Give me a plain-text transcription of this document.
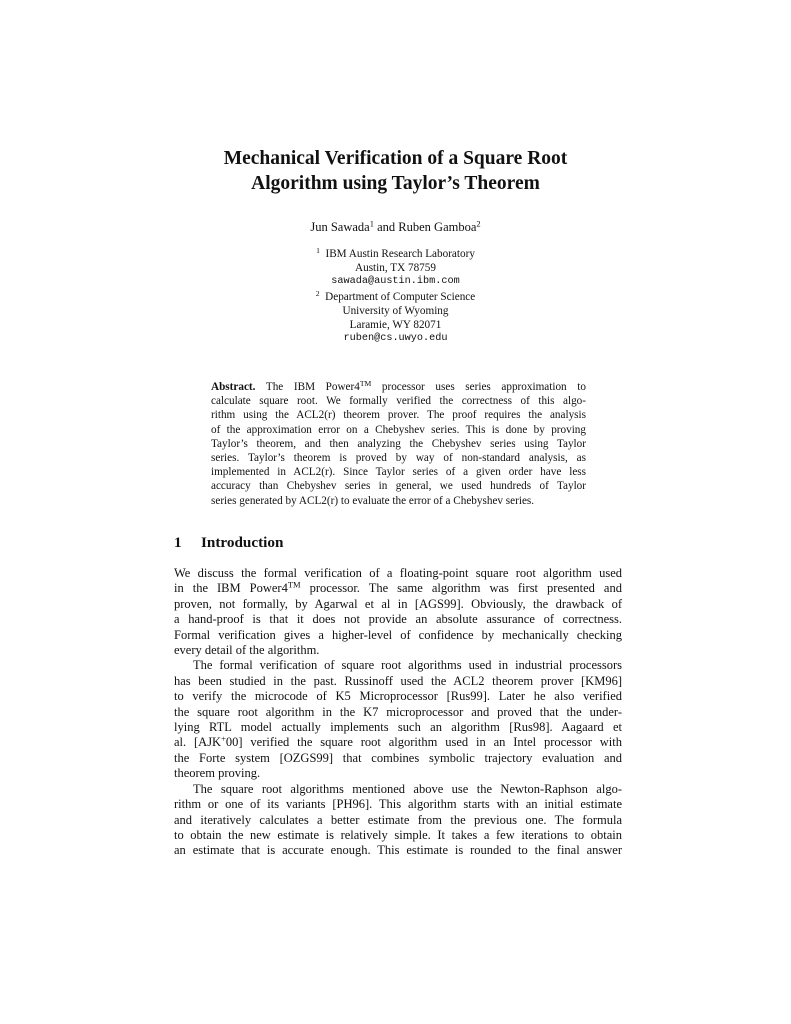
Mechanical Verification of a Square Root
Algorithm using Taylor’s Theorem
Jun Sawada$^1$ and Ruben Gamboa$^2$
$^1$ IBM Austin Research Laboratory
Austin, TX 78759
sawada@austin.ibm.com
$^2$ Department of Computer Science
University of Wyoming
Laramie, WY 82071
ruben@cs.uwyo.edu
Abstract. The IBM Power4™ processor uses series approximation to
calculate square root. We formally verified the correctness of this algo-
rithm using the ACL2(r) theorem prover. The proof requires the analysis
of the approximation error on a Chebyshev series. This is done by proving
Taylor’s theorem, and then analyzing the Chebyshev series using Taylor
series. Taylor’s theorem is proved by way of non-standard analysis, as
implemented in ACL2(r). Since Taylor series of a given order have less
accuracy than Chebyshev series in general, we used hundreds of Taylor
series generated by ACL2(r) to evaluate the error of a Chebyshev series.
1 Introduction
We discuss the formal verification of a floating-point square root algorithm used
in the IBM Power4™ processor. The same algorithm was first presented and
proven, not formally, by Agarwal et al in [AGS99]. Obviously, the drawback of
a hand-proof is that it does not provide an absolute assurance of correctness.
Formal verification gives a higher-level of confidence by mechanically checking
every detail of the algorithm.
The formal verification of square root algorithms used in industrial processors
has been studied in the past. Russinoff used the ACL2 theorem prover [KM96]
to verify the microcode of K5 Microprocessor [Rus99]. Later he also verified
the square root algorithm in the K7 microprocessor and proved that the under-
lying RTL model actually implements such an algorithm [Rus98]. Aagaard et
al. [AJK+00] verified the square root algorithm used in an Intel processor with
the Forte system [OZGS99] that combines symbolic trajectory evaluation and
theorem proving.
The square root algorithms mentioned above use the Newton-Raphson algo-
rithm or one of its variants [PH96]. This algorithm starts with an initial estimate
and iteratively calculates a better estimate from the previous one. The formula
to obtain the new estimate is relatively simple. It takes a few iterations to obtain
an estimate that is accurate enough. This estimate is rounded to the final answer
